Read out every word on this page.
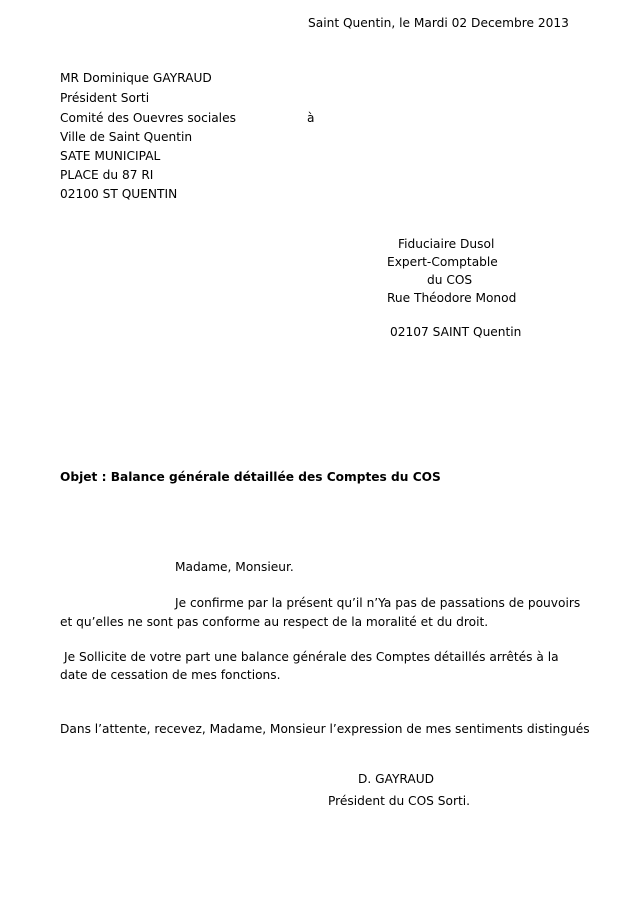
Saint Quentin, le Mardi 02 Decembre 2013
MR Dominique GAYRAUD
Président Sorti
Comité des Ouevres sociales	à
Ville de Saint Quentin
SATE MUNICIPAL
PLACE du 87 RI
02100 ST QUENTIN
Fiduciaire Dusol
Expert-Comptable
du COS
Rue Théodore Monod
02107 SAINT Quentin
Objet : Balance générale détaillée des Comptes du COS
Madame, Monsieur.
Je confirme par la présent qu’il n’Ya pas de passations de pouvoirs
et qu’elles ne sont pas conforme au respect de la moralité et du droit.
Je Sollicite de votre part une balance générale des Comptes détaillés arrêtés à la
date de cessation de mes fonctions.
Dans l’attente, recevez, Madame, Monsieur l’expression de mes sentiments distingués
D. GAYRAUD
Président du COS Sorti.
